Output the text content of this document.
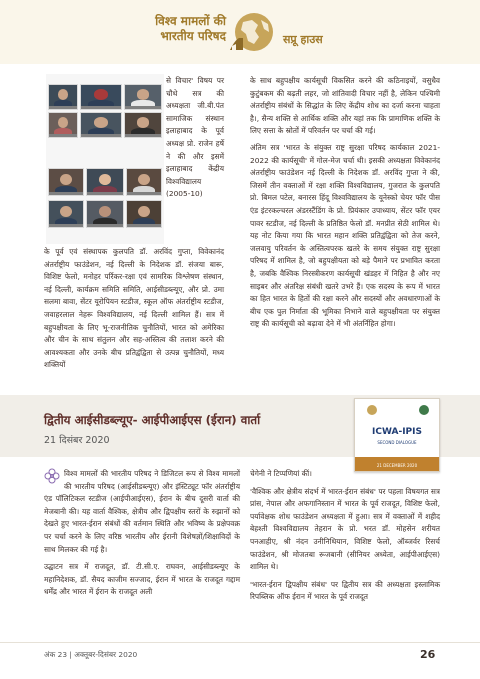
विश्व मामलों की
भारतीय परिषद	सप्रू हाउस

से विचार' विषय पर चौथे सत्र की अध्यक्षता जी.बी.पंत सामाजिक संस्थान इलाहाबाद के पूर्व अध्यक्ष प्रो. राजेन हर्षे ने की और इसमें इलाहाबाद केंद्रीय विश्वविद्यालय (2005-10)

के पूर्व एवं संस्थापक कुलपति डॉ. अरविंद गुप्ता, विवेकानंद अंतर्राष्ट्रीय फाउंडेशन, नई दिल्ली के निदेशक डॉ. संजया बारू, विशिष्ट फेलो, मनोहर पर्रिकर-रक्षा एवं सामरिक विश्लेषण संस्थान, नई दिल्ली, कार्यक्रम समिति समिति, आईसीडब्ल्यूए, और प्रो. उमा सलमा बावा, सेंटर यूरोपियन स्टडीज, स्कूल ऑफ अंतर्राष्ट्रीय स्टडीज, जवाहरलाल नेहरू विश्वविद्यालय, नई दिल्ली शामिल हैं। सत्र में बहुपक्षीयता के लिए भू-राजनीतिक चुनौतियों, भारत को अमेरिका और चीन के साथ संतुलन और सह-अस्तित्व की तलाश करने की आवश्यकता और उनके बीच प्रतिद्वंद्विता से उत्पन्न चुनौतियों, मध्य शक्तियों

के साथ बहुपक्षीय कार्यसूची विकसित करने की कठिनाइयों, वसुधैव कुटुंबकम की बढ़ती लहर, जो शांतिवादी विचार नहीं है, लेकिन पश्चिमी अंतर्राष्ट्रीय संबंधों के सिद्धांत के लिए केंद्रीय शोध का दर्जा करना चाहता है।, सैन्य शक्ति से आर्थिक शक्ति और यहां तक कि प्रामाणिक शक्ति के लिए सत्ता के स्रोतों में परिवर्तन पर चर्चा की गई।

अंतिम सत्र 'भारत के संयुक्त राष्ट्र सुरक्षा परिषद कार्यकाल 2021-2022 की कार्यसूची' में गोल-मेज चर्चा थी। इसकी अध्यक्षता विवेकानंद अंतर्राष्ट्रीय फाउंडेशन नई दिल्ली के निदेशक डॉ. अरविंद गुप्ता ने की, जिसमें तीन वक्ताओं में रक्षा शक्ति विश्वविद्यालय, गुजरात के कुलपति प्रो. बिमल पटेल, बनारस हिंदू विश्वविद्यालय के यूनेस्को चेयर फॉर पीस एंड इंटरकल्चरल अंडरस्टैंडिंग के प्रो. प्रियंकार उपाध्याय, सेंटर फॉर एयर पावर स्टडीज, नई दिल्ली के प्रतिष्ठित फेलो डॉ. मनप्रीत सेठी शामिल थे। यह नोट किया गया कि भारत महान शक्ति प्रतिद्वंद्विता को तेज करने, जलवायु परिवर्तन के अस्तित्वपरक खतरे के समय संयुक्त राष्ट्र सुरक्षा परिषद में शामिल है, जो बहुपक्षीयता को बड़े पैमाने पर प्रभावित करता है, जबकि वैश्विक निरस्त्रीकरण कार्यसूची खंडहर में निहित है और नए साइबर और अंतरिक्ष संबंधी खतरे उभरे हैं। एक सदस्य के रूप में भारत का हित भारत के हितों की रक्षा करने और सदस्यों और अवधारणाओं के बीच एक पुल निर्माता की भूमिका निभाने वाले बहुपक्षीयता पर संयुक्त राष्ट्र की कार्यसूची को बढ़ावा देने में भी अंतर्निहित होगा।

द्वितीय आईसीडब्ल्यूए- आईपीआईएस (ईरान) वार्ता
21 दिसंबर 2020
ICWA-IPIS
SECOND DIALOGUE
21 DECEMBER 2020

विश्व मामलों की भारतीय परिषद ने डिजिटल रूप से विश्व मामलों की भारतीय परिषद (आईसीडब्ल्यूए) और इंस्टिट्यूट फॉर अंतर्राष्ट्रीय एंड पॉलिटिकल स्टडीज (आईपीआईएस), ईरान के बीच दूसरी वार्ता की मेजबानी की। यह वार्ता वैश्विक, क्षेत्रीय और द्विपक्षीय स्तरों के रुझानों को देखते हुए भारत-ईरान संबंधों की वर्तमान स्थिति और भविष्य के प्रक्षेपवक्र पर चर्चा करने के लिए वरिष्ठ भारतीय और ईरानी विशेषज्ञों/शिक्षाविदों के साथ मिलकर की गई है।

उद्घाटन सत्र में राजदूत, डॉ. टी.सी.ए. राघवन, आईसीडब्ल्यूए के महानिदेशक, डॉ. सैयद काजीम सज्जाद, ईरान में भारत के राजदूत गद्दाम धर्मेंद्र और भारत में ईरान के राजदूत अली

चेगेनी ने टिप्पणियां कीं।

'वैश्विक और क्षेत्रीय संदर्भ में भारत-ईरान संबंध' पर पहला विषयगत सत्र प्रांस, नेपाल और अफगानिस्तान में भारत के पूर्व राजदूत, विशिष्ट फेलो, पर्यावेक्षक शोध फाउंडेशन अध्यक्षता में हुआ। सत्र में वक्ताओं में शहीद बेहश्ती विश्वविद्यालय तेहरान के प्रो. भरत डॉ. मोहसेन शरीयत पनआहीए, श्री नंदन उनीनिथियान, विशिष्ट फेलो, ऑब्जर्वर रिसर्च फाउंडेशन, श्री मोजतबा रूजबानी (सीनियर अध्येता, आईपीआईएस) शामिल थे।

'भारत-ईरान द्विपक्षीय संबंध' पर द्वितीय सत्र की अध्यक्षता इस्लामिक रिपब्लिक ऑफ ईरान में भारत के पूर्व राजदूत

अंक 23 | अक्तूबर-दिसंबर 2020	26
